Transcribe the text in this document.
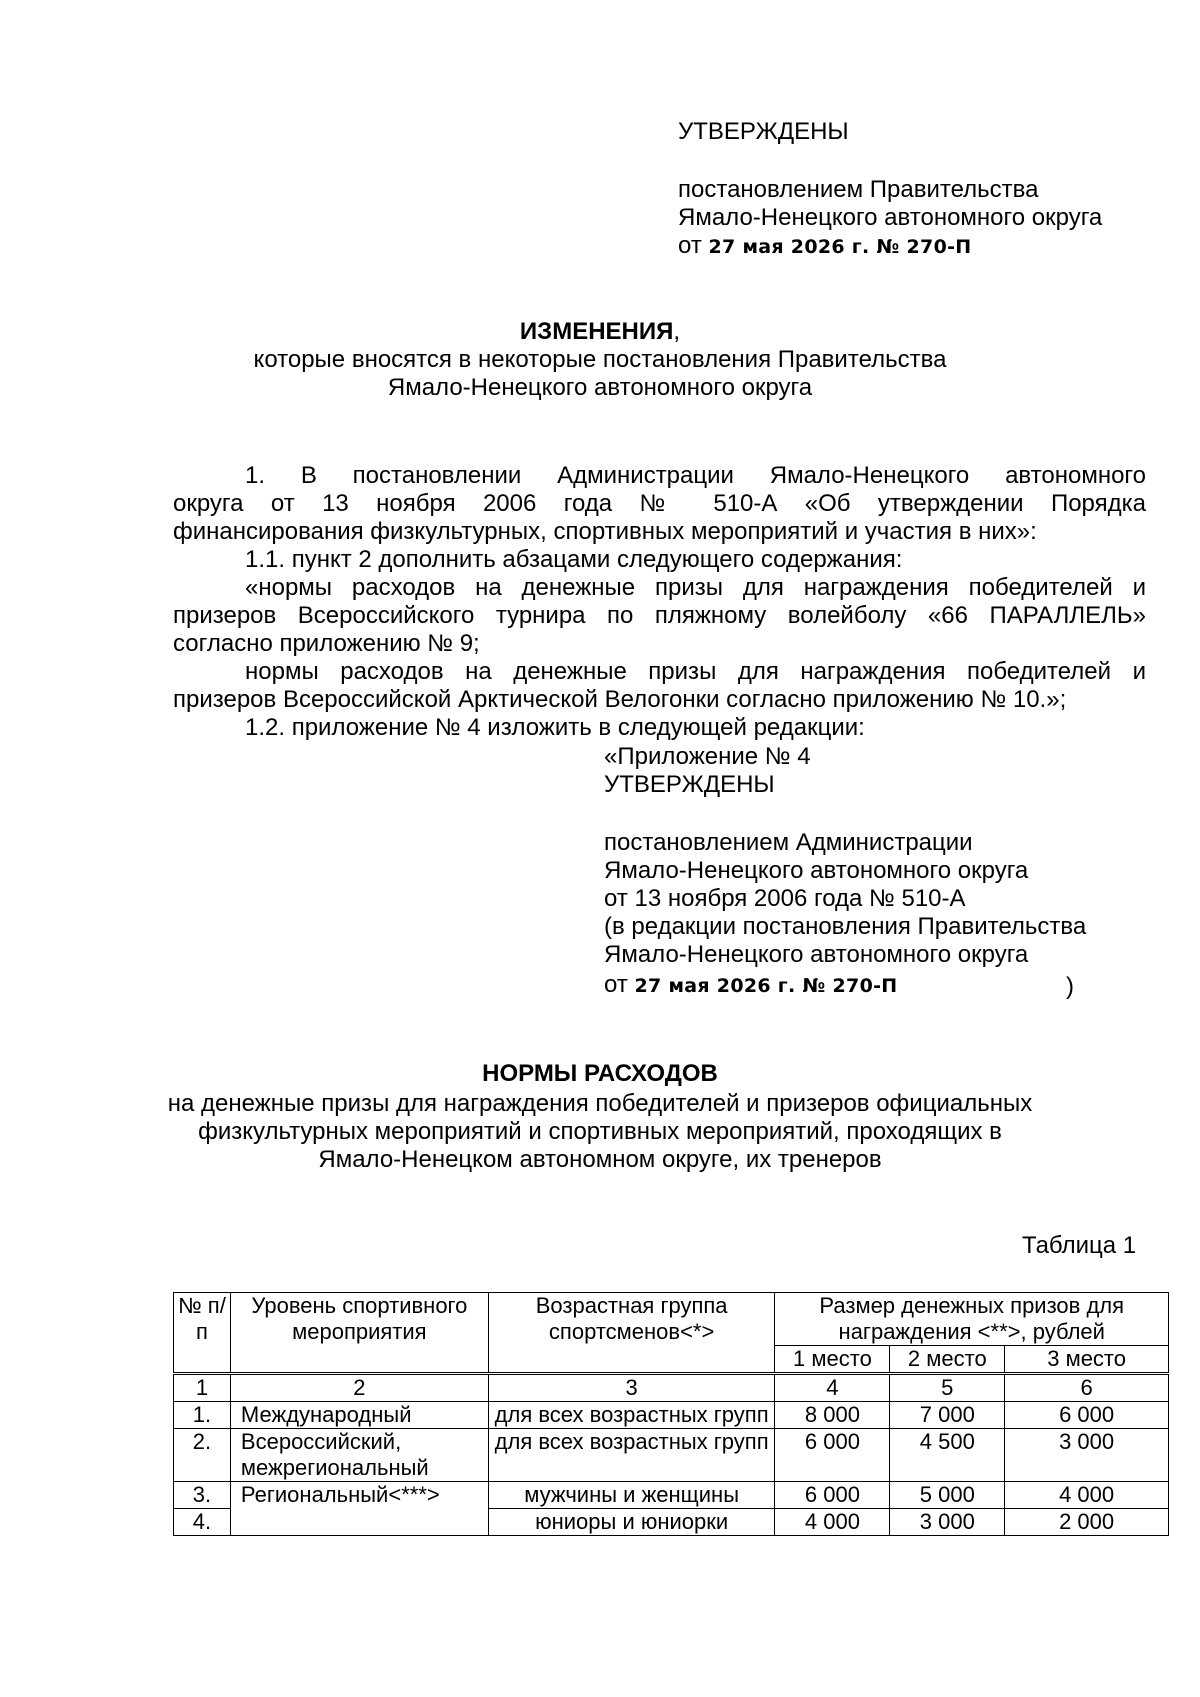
УТВЕРЖДЕНЫ
постановлением Правительства
Ямало-Ненецкого автономного округа
от 27 мая 2026 г. № 270-П
ИЗМЕНЕНИЯ,
которые вносятся в некоторые постановления Правительства
Ямало-Ненецкого автономного округа
1. В постановлении Администрации Ямало-Ненецкого автономного
округа от 13 ноября 2006 года № 510-А «Об утверждении Порядка
финансирования физкультурных, спортивных мероприятий и участия в них»:
1.1. пункт 2 дополнить абзацами следующего содержания:
«нормы расходов на денежные призы для награждения победителей и
призеров Всероссийского турнира по пляжному волейболу «66 ПАРАЛЛЕЛЬ»
согласно приложению № 9;
нормы расходов на денежные призы для награждения победителей и
призеров Всероссийской Арктической Велогонки согласно приложению № 10.»;
1.2. приложение № 4 изложить в следующей редакции:
«Приложение № 4
УТВЕРЖДЕНЫ
постановлением Администрации
Ямало-Ненецкого автономного округа
от 13 ноября 2006 года № 510-А
(в редакции постановления Правительства
Ямало-Ненецкого автономного округа
от 27 мая 2026 г. № 270-П	)
НОРМЫ РАСХОДОВ
на денежные призы для награждения победителей и призеров официальных
физкультурных мероприятий и спортивных мероприятий, проходящих в
Ямало-Ненецком автономном округе, их тренеров
Таблица 1
№ п/п	Уровень спортивного мероприятия	Возрастная группа спортсменов<*>	Размер денежных призов для награждения <**>, рублей		
			1 место	2 место	3 место
1	2	3	4	5	6
1.	Международный	для всех возрастных групп	8 000	7 000	6 000
2.	Всероссийский, межрегиональный	для всех возрастных групп	6 000	4 500	3 000
3.	Региональный<***>	мужчины и женщины	6 000	5 000	4 000
4.		юниоры и юниорки	4 000	3 000	2 000
